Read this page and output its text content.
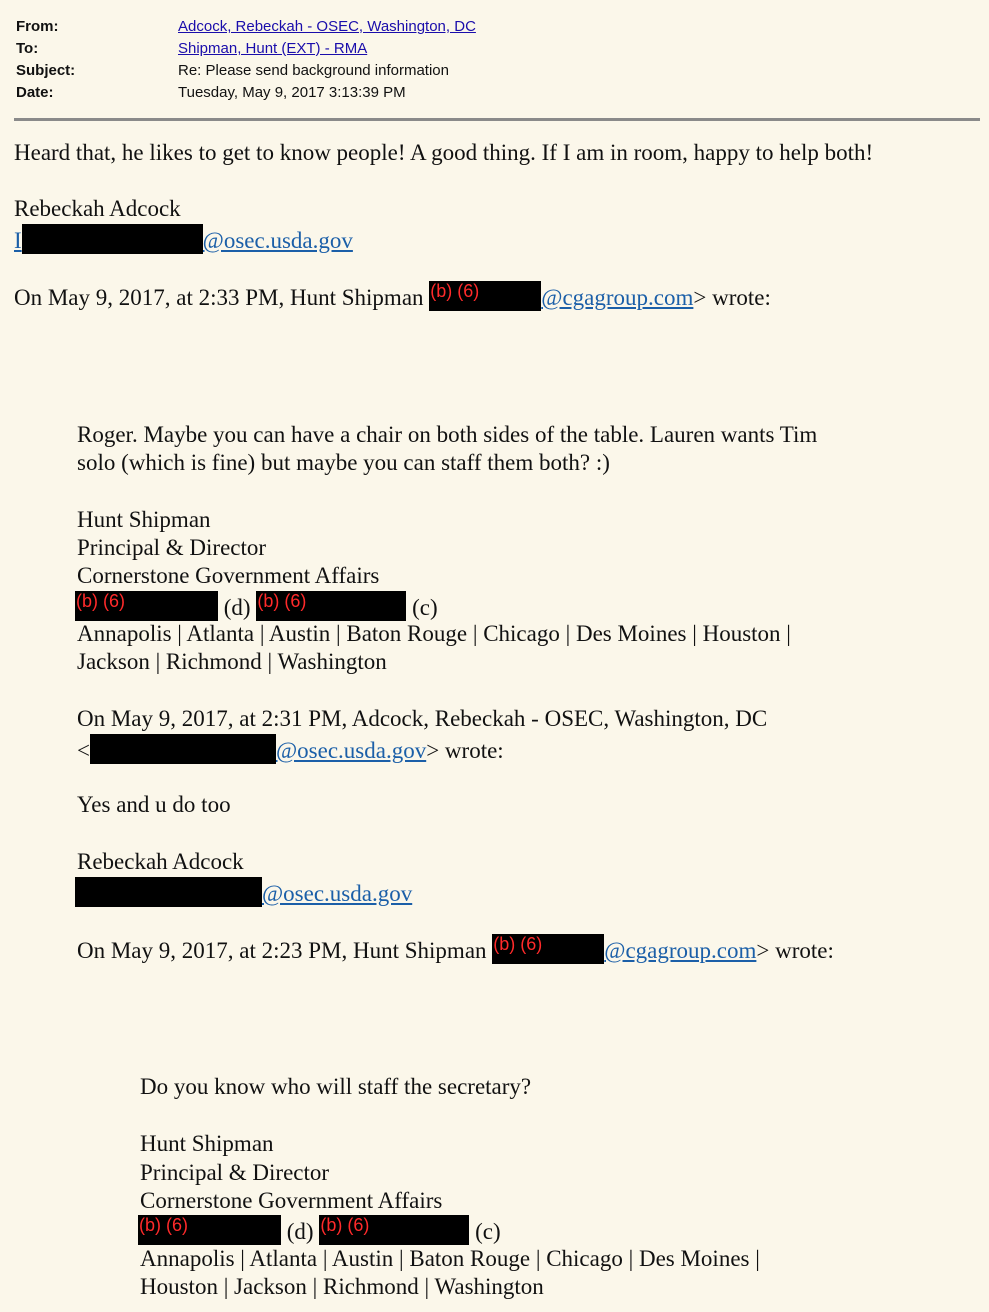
From:	Adcock, Rebeckah - OSEC, Washington, DC
To:	Shipman, Hunt (EXT) - RMA
Subject:	Re: Please send background information
Date:	Tuesday, May 9, 2017 3:13:39 PM
Heard that, he likes to get to know people! A good thing. If I am in room, happy to help both!
Rebeckah Adcock
I	@osec.usda.gov
On May 9, 2017, at 2:33 PM, Hunt Shipman (b) (6)	@cgagroup.com> wrote:
Roger. Maybe you can have a chair on both sides of the table. Lauren wants Tim
solo (which is fine) but maybe you can staff them both? :)
Hunt Shipman
Principal & Director
Cornerstone Government Affairs
(b) (6)	(d) (b) (6)	(c)
Annapolis | Atlanta | Austin | Baton Rouge | Chicago | Des Moines | Houston |
Jackson | Richmond | Washington
On May 9, 2017, at 2:31 PM, Adcock, Rebeckah - OSEC, Washington, DC
<	@osec.usda.gov> wrote:
Yes and u do too
Rebeckah Adcock
@osec.usda.gov
On May 9, 2017, at 2:23 PM, Hunt Shipman (b) (6)	@cgagroup.com> wrote:
Do you know who will staff the secretary?
Hunt Shipman
Principal & Director
Cornerstone Government Affairs
(b) (6)	(d) (b) (6)	(c)
Annapolis | Atlanta | Austin | Baton Rouge | Chicago | Des Moines |
Houston | Jackson | Richmond | Washington
